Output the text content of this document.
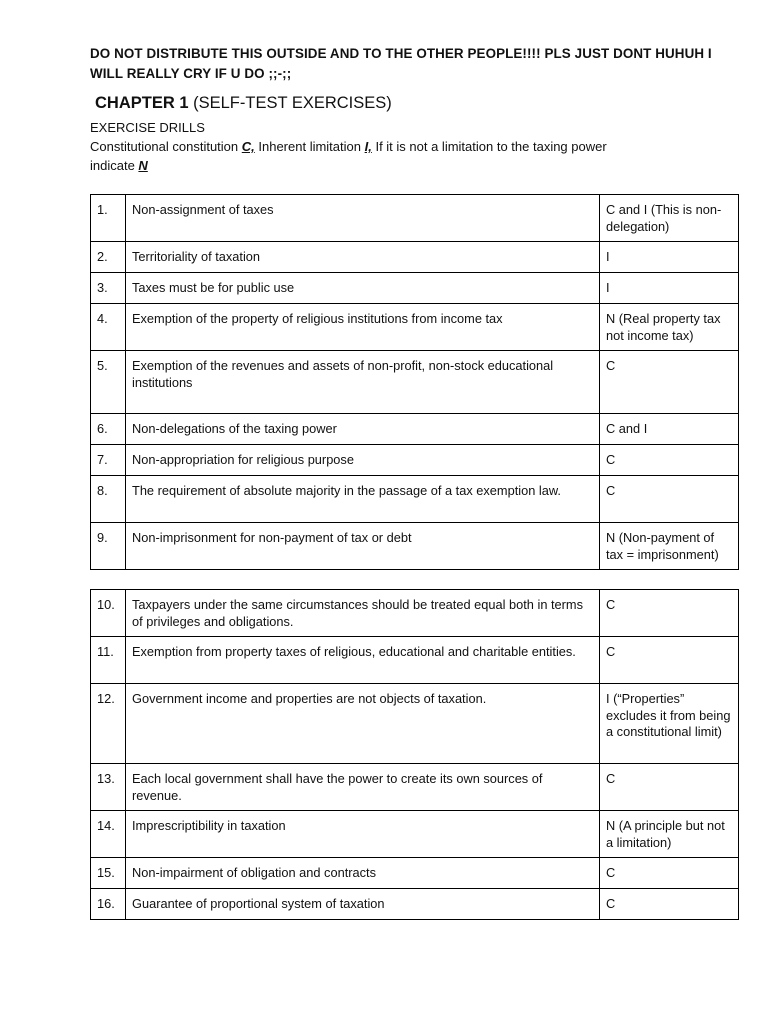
DO NOT DISTRIBUTE THIS OUTSIDE AND TO THE OTHER PEOPLE!!!! PLS JUST DONT HUHUH I WILL REALLY CRY IF U DO ;;-;;
CHAPTER 1 (SELF-TEST EXERCISES)
EXERCISE DRILLS
Constitutional constitution C, Inherent limitation I, If it is not a limitation to the taxing power indicate N
1.	Non-assignment of taxes	C and I (This is non-delegation)
2.	Territoriality of taxation	I
3.	Taxes must be for public use	I
4.	Exemption of the property of religious institutions from income tax	N (Real property tax not income tax)
5.	Exemption of the revenues and assets of non-profit, non-stock educational institutions	C
6.	Non-delegations of the taxing power	C and I
7.	Non-appropriation for religious purpose	C
8.	The requirement of absolute majority in the passage of a tax exemption law.	C
9.	Non-imprisonment for non-payment of tax or debt	N (Non-payment of tax = imprisonment)
10.	Taxpayers under the same circumstances should be treated equal both in terms of privileges and obligations.	C
11.	Exemption from property taxes of religious, educational and charitable entities.	C
12.	Government income and properties are not objects of taxation.	I (“Properties” excludes it from being a constitutional limit)
13.	Each local government shall have the power to create its own sources of revenue.	C
14.	Imprescriptibility in taxation	N (A principle but not a limitation)
15.	Non-impairment of obligation and contracts	C
16.	Guarantee of proportional system of taxation	C
